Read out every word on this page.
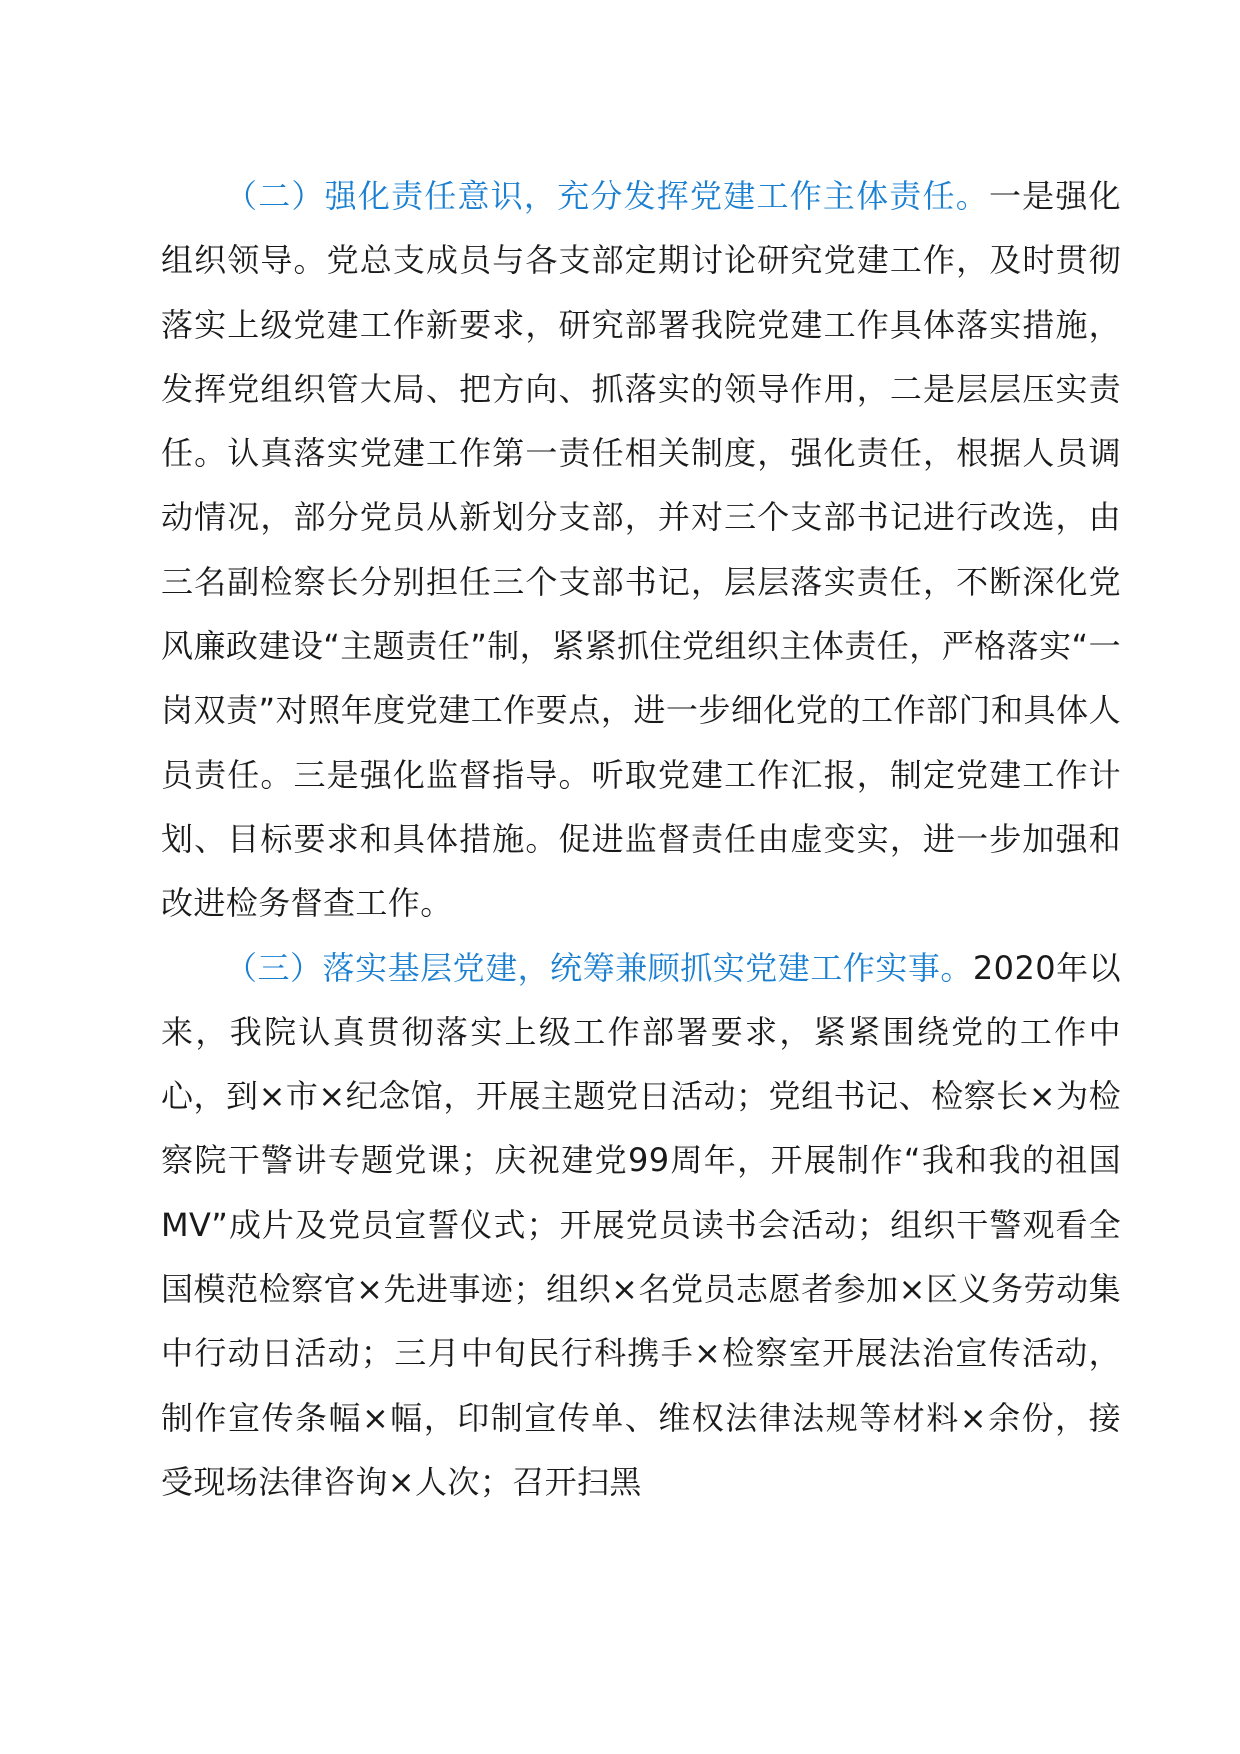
（二）强化责任意识，充分发挥党建工作主体责任。一是强化组织领导。党总支成员与各支部定期讨论研究党建工作，及时贯彻落实上级党建工作新要求，研究部署我院党建工作具体落实措施，发挥党组织管大局、把方向、抓落实的领导作用，二是层层压实责任。认真落实党建工作第一责任相关制度，强化责任，根据人员调动情况，部分党员从新划分支部，并对三个支部书记进行改选，由三名副检察长分别担任三个支部书记，层层落实责任，不断深化党风廉政建设“主题责任”制，紧紧抓住党组织主体责任，严格落实“一岗双责”对照年度党建工作要点，进一步细化党的工作部门和具体人员责任。三是强化监督指导。听取党建工作汇报，制定党建工作计划、目标要求和具体措施。促进监督责任由虚变实，进一步加强和改进检务督查工作。

（三）落实基层党建，统筹兼顾抓实党建工作实事。2020年以来，我院认真贯彻落实上级工作部署要求，紧紧围绕党的工作中心，到×市×纪念馆，开展主题党日活动；党组书记、检察长×为检察院干警讲专题党课；庆祝建党99周年，开展制作“我和我的祖国MV”成片及党员宣誓仪式；开展党员读书会活动；组织干警观看全国模范检察官×先进事迹；组织×名党员志愿者参加×区义务劳动集中行动日活动；三月中旬民行科携手×检察室开展法治宣传活动，制作宣传条幅×幅，印制宣传单、维权法律法规等材料×余份，接受现场法律咨询×人次；召开扫黑
